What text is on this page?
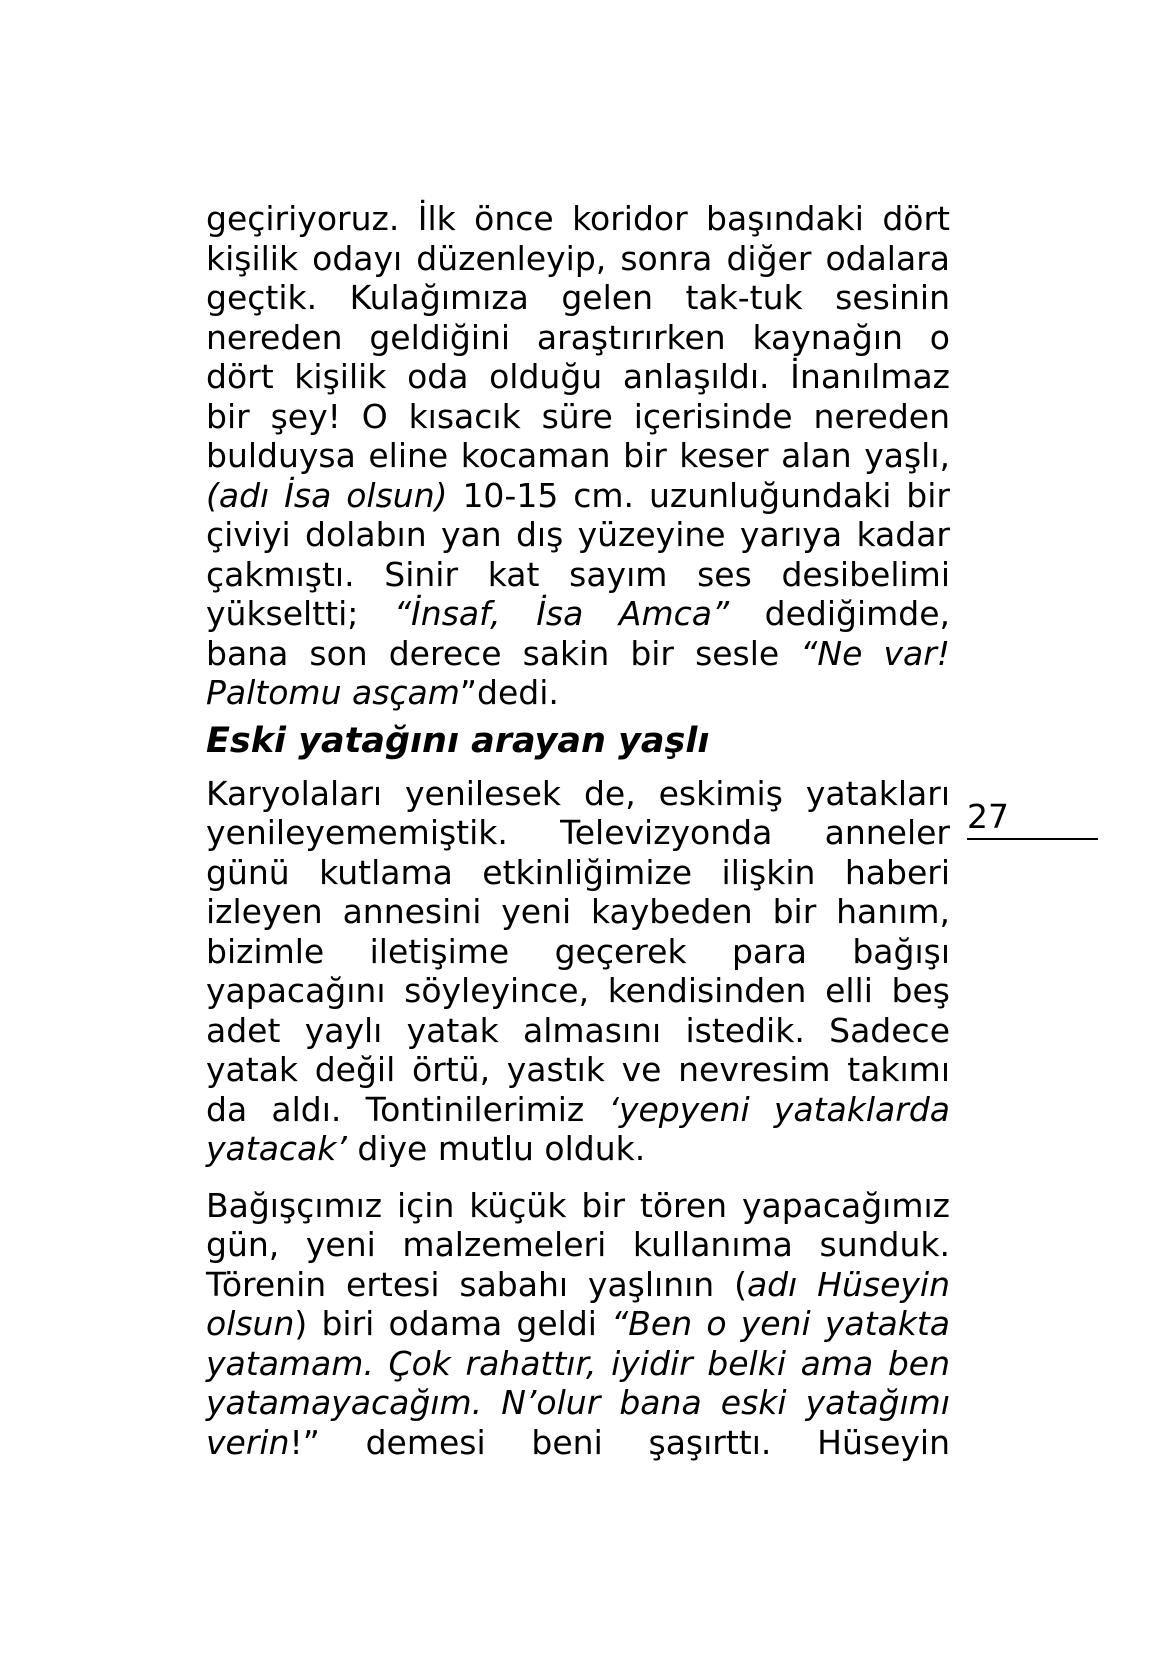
geçiriyoruz. İlk önce koridor başındaki dört
kişilik odayı düzenleyip, sonra diğer odalara
geçtik. Kulağımıza gelen tak-tuk sesinin
nereden geldiğini araştırırken kaynağın o
dört kişilik oda olduğu anlaşıldı. İnanılmaz
bir şey! O kısacık süre içerisinde nereden
bulduysa eline kocaman bir keser alan yaşlı,
(adı İsa olsun) 10-15 cm. uzunluğundaki bir
çiviyi dolabın yan dış yüzeyine yarıya kadar
çakmıştı. Sinir kat sayım ses desibelimi
yükseltti; “İnsaf, İsa Amca” dediğimde,
bana son derece sakin bir sesle “Ne var!
Paltomu asçam”dedi.
Eski yatağını arayan yaşlı
Karyolaları yenilesek de, eskimiş yatakları
yenileyememiştik. Televizyonda anneler
günü kutlama etkinliğimize ilişkin haberi
izleyen annesini yeni kaybeden bir hanım,
bizimle iletişime geçerek para bağışı
yapacağını söyleyince, kendisinden elli beş
adet yaylı yatak almasını istedik. Sadece
yatak değil örtü, yastık ve nevresim takımı
da aldı. Tontinilerimiz ‘yepyeni yataklarda
yatacak’ diye mutlu olduk.
Bağışçımız için küçük bir tören yapacağımız
gün, yeni malzemeleri kullanıma sunduk.
Törenin ertesi sabahı yaşlının (adı Hüseyin
olsun) biri odama geldi “Ben o yeni yatakta
yatamam. Çok rahattır, iyidir belki ama ben
yatamayacağım. N’olur bana eski yatağımı
verin!” demesi beni şaşırttı. Hüseyin
27
